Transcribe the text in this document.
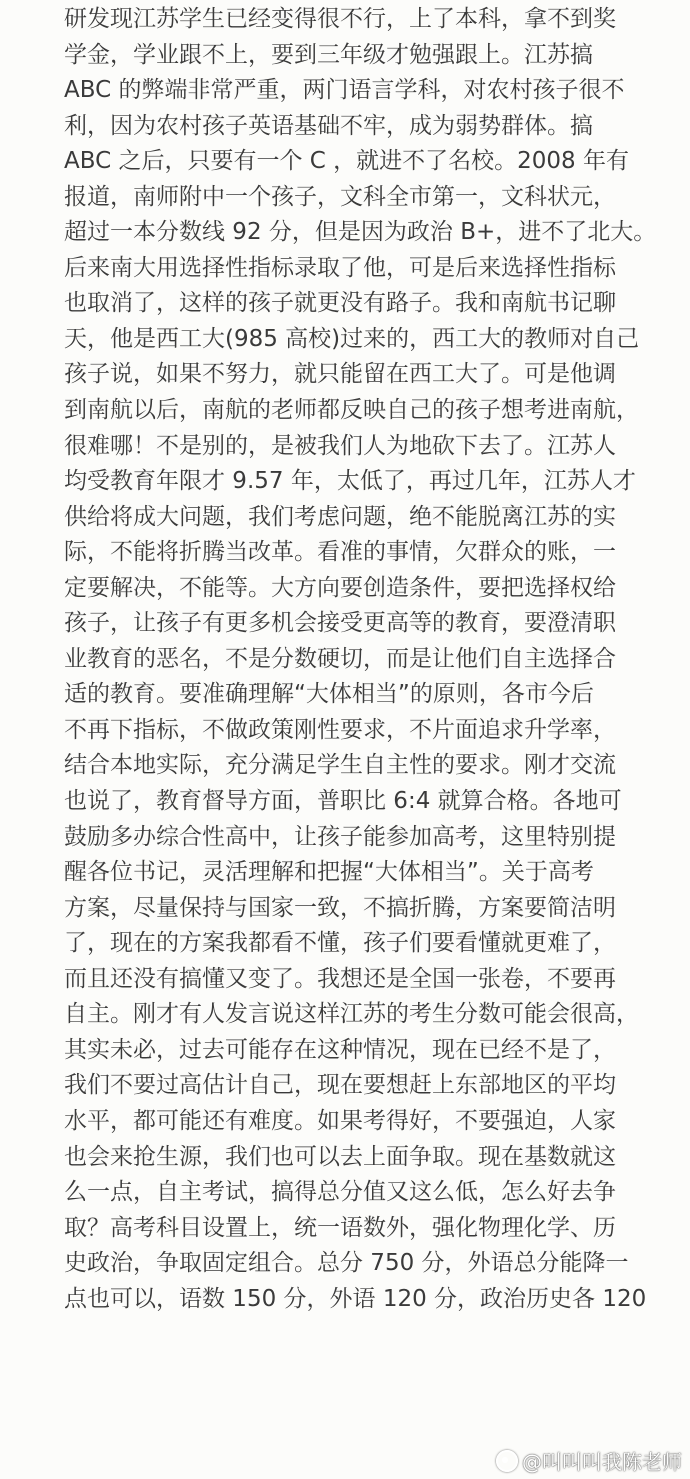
研发现江苏学生已经变得很不行，上了本科，拿不到奖
学金，学业跟不上，要到三年级才勉强跟上。江苏搞
ABC 的弊端非常严重，两门语言学科，对农村孩子很不
利，因为农村孩子英语基础不牢，成为弱势群体。搞
ABC 之后，只要有一个 C ，就进不了名校。2008 年有
报道，南师附中一个孩子，文科全市第一，文科状元，
超过一本分数线 92 分，但是因为政治 B+，进不了北大。
后来南大用选择性指标录取了他，可是后来选择性指标
也取消了，这样的孩子就更没有路子。我和南航书记聊
天，他是西工大(985 高校)过来的，西工大的教师对自己
孩子说，如果不努力，就只能留在西工大了。可是他调
到南航以后，南航的老师都反映自己的孩子想考进南航，
很难哪！不是别的，是被我们人为地砍下去了。江苏人
均受教育年限才 9.57 年，太低了，再过几年，江苏人才
供给将成大问题，我们考虑问题，绝不能脱离江苏的实
际，不能将折腾当改革。看准的事情，欠群众的账，一
定要解决，不能等。大方向要创造条件，要把选择权给
孩子，让孩子有更多机会接受更高等的教育，要澄清职
业教育的恶名，不是分数硬切，而是让他们自主选择合
适的教育。要准确理解“大体相当”的原则，各市今后
不再下指标，不做政策刚性要求，不片面追求升学率，
结合本地实际，充分满足学生自主性的要求。刚才交流
也说了，教育督导方面，普职比 6:4 就算合格。各地可
鼓励多办综合性高中，让孩子能参加高考，这里特别提
醒各位书记，灵活理解和把握“大体相当”。关于高考
方案，尽量保持与国家一致，不搞折腾，方案要简洁明
了，现在的方案我都看不懂，孩子们要看懂就更难了，
而且还没有搞懂又变了。我想还是全国一张卷，不要再
自主。刚才有人发言说这样江苏的考生分数可能会很高，
其实未必，过去可能存在这种情况，现在已经不是了，
我们不要过高估计自己，现在要想赶上东部地区的平均
水平，都可能还有难度。如果考得好，不要强迫，人家
也会来抢生源，我们也可以去上面争取。现在基数就这
么一点，自主考试，搞得总分值又这么低，怎么好去争
取？高考科目设置上，统一语数外，强化物理化学、历
史政治，争取固定组合。总分 750 分，外语总分能降一
点也可以，语数 150 分，外语 120 分，政治历史各 120
@叫叫叫我陈老师
